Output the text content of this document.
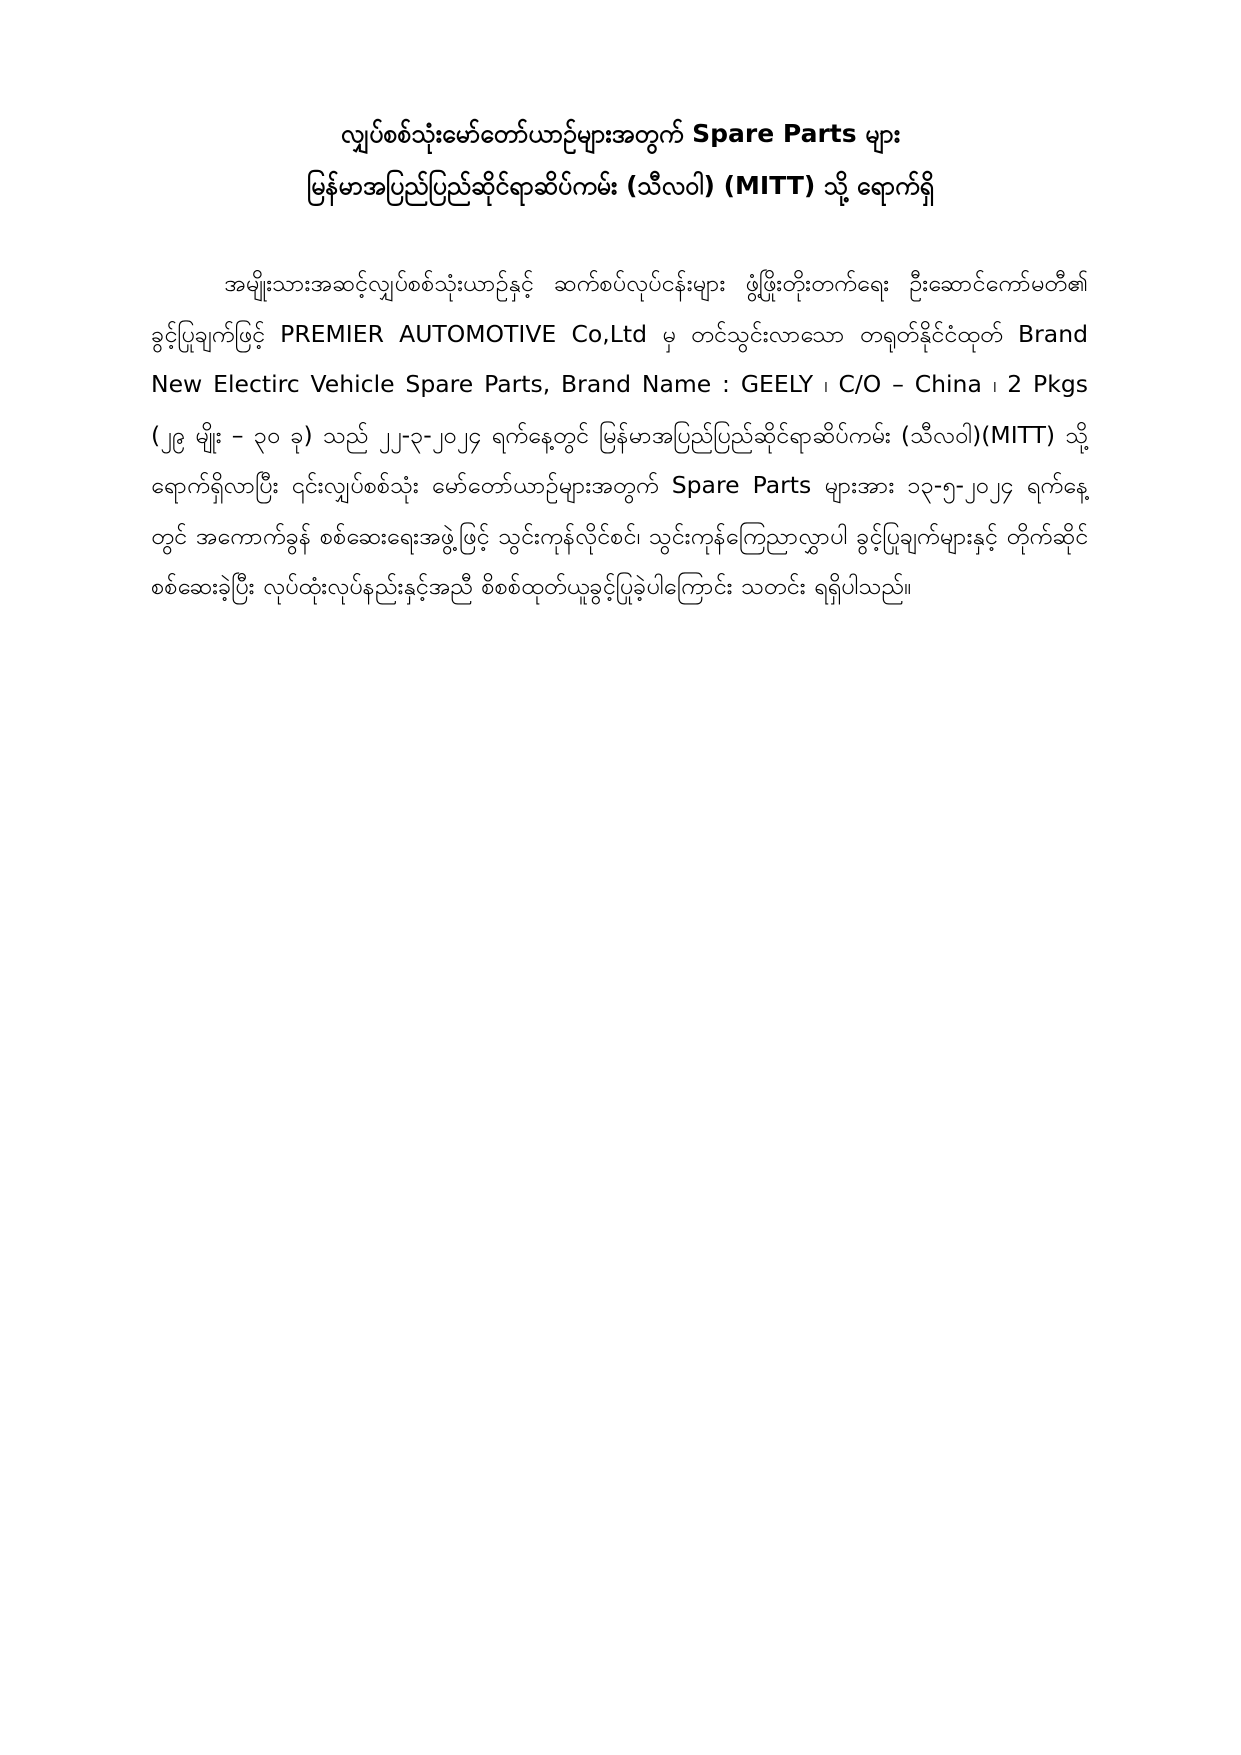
လျှပ်စစ်သုံးမော်တော်ယာဉ်များအတွက် Spare Parts များ
မြန်မာအပြည်ပြည်ဆိုင်ရာဆိပ်ကမ်း (သီလဝါ) (MITT) သို့ ရောက်ရှိ

အမျိုးသားအဆင့်လျှပ်စစ်သုံးယာဉ်နှင့် ဆက်စပ်လုပ်ငန်းများ ဖွံ့ဖြိုးတိုးတက်ရေး ဦးဆောင်ကော်မတီ၏ ခွင့်ပြုချက်ဖြင့် PREMIER AUTOMOTIVE Co,Ltd မှ တင်သွင်းလာသော တရုတ်နိုင်ငံထုတ် Brand New Electirc Vehicle Spare Parts, Brand Name : GEELY ၊ C/O – China ၊ 2 Pkgs (၂၉ မျိုး – ၃၀ ခု) သည် ၂၂-၃-၂၀၂၄ ရက်နေ့တွင် မြန်မာအပြည်ပြည်ဆိုင်ရာဆိပ်ကမ်း (သီလဝါ)(MITT) သို့ ရောက်ရှိလာပြီး ၎င်းလျှပ်စစ်သုံး မော်တော်ယာဉ်များအတွက် Spare Parts များအား ၁၃-၅-၂၀၂၄ ရက်နေ့တွင် အကောက်ခွန် စစ်ဆေးရေးအဖွဲ့ဖြင့် သွင်းကုန်လိုင်စင်၊ သွင်းကုန်ကြေညာလွှာပါ ခွင့်ပြုချက်များနှင့် တိုက်ဆိုင်စစ်ဆေးခဲ့ပြီး လုပ်ထုံးလုပ်နည်းနှင့်အညီ စိစစ်ထုတ်ယူခွင့်ပြုခဲ့ပါကြောင်း သတင်း ရရှိပါသည်။
